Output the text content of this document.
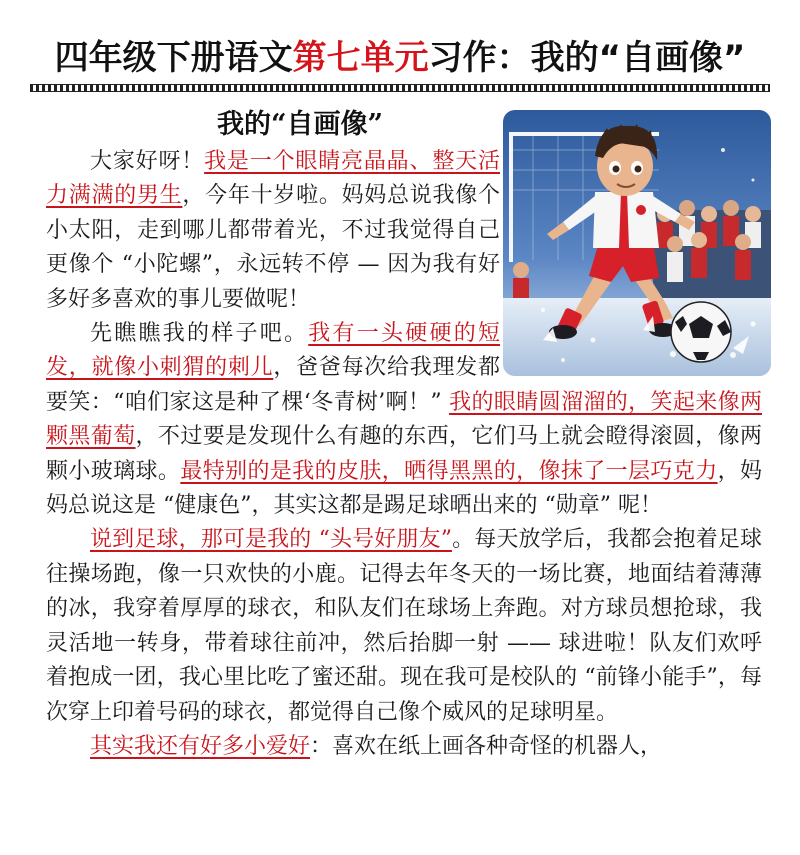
四年级下册语文第七单元习作：我的“自画像”
我的“自画像”

大家好呀！我是一个眼睛亮晶晶、整天活力满满的男生，今年十岁啦。妈妈总说我像个小太阳，走到哪儿都带着光，不过我觉得自己更像个 “小陀螺”，永远转不停 — 因为我有好多好多喜欢的事儿要做呢！

先瞧瞧我的样子吧。我有一头硬硬的短发，就像小刺猬的刺儿，爸爸每次给我理发都要笑：“咱们家这是种了棵‘冬青树’啊！” 我的眼睛圆溜溜的，笑起来像两颗黑葡萄，不过要是发现什么有趣的东西，它们马上就会瞪得滚圆，像两颗小玻璃球。最特别的是我的皮肤，晒得黑黑的，像抹了一层巧克力，妈妈总说这是 “健康色”，其实这都是踢足球晒出来的 “勋章” 呢！

说到足球，那可是我的 “头号好朋友”。每天放学后，我都会抱着足球往操场跑，像一只欢快的小鹿。记得去年冬天的一场比赛，地面结着薄薄的冰，我穿着厚厚的球衣，和队友们在球场上奔跑。对方球员想抢球，我灵活地一转身，带着球往前冲，然后抬脚一射 —— 球进啦！队友们欢呼着抱成一团，我心里比吃了蜜还甜。现在我可是校队的 “前锋小能手”，每次穿上印着号码的球衣，都觉得自己像个威风的足球明星。

其实我还有好多小爱好：喜欢在纸上画各种奇怪的机器人，
